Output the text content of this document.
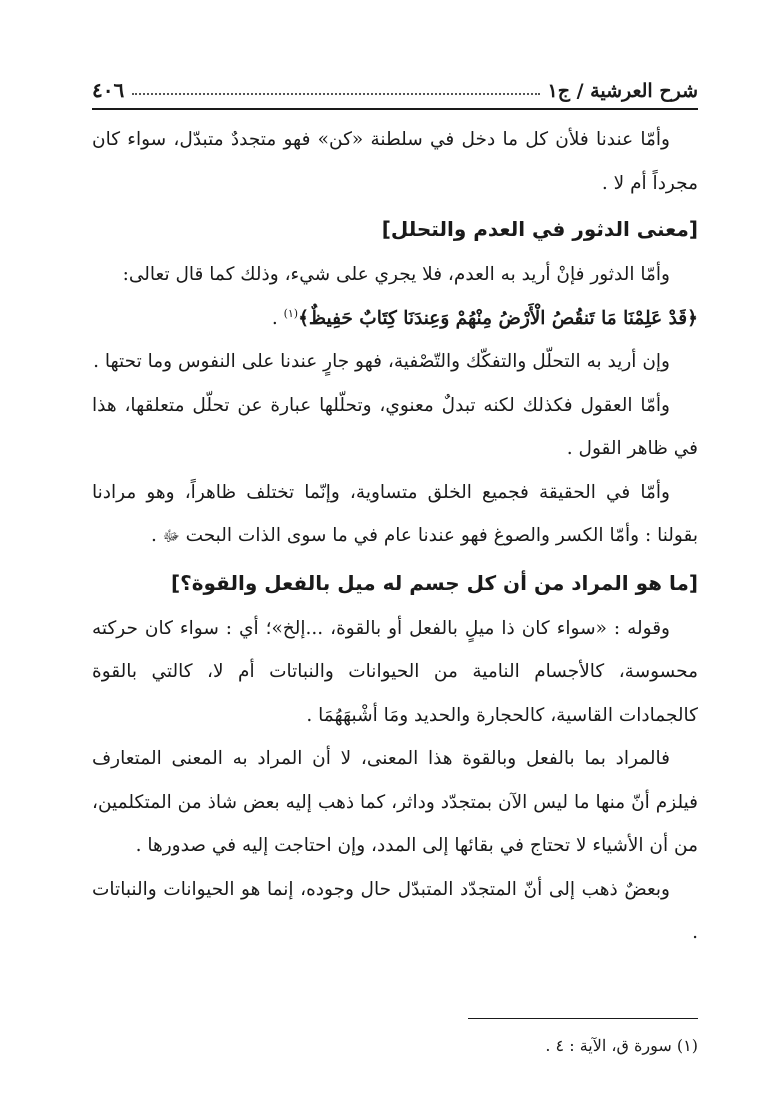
شرح العرشية / ج١
٤٠٦

وأمّا عندنا فلأن كل ما دخل في سلطنة «كن» فهو متجددٌ متبدّل، سواء كان مجرداً أم لا .

[معنى الدثور في العدم والتحلل]

وأمّا الدثور فإنْ أريد به العدم، فلا يجري على شيء، وذلك كما قال تعالى:

﴿قَدْ عَلِمْنَا مَا تَنقُصُ الْأَرْضُ مِنْهُمْ وَعِندَنَا كِتَابٌ حَفِيظٌ﴾$^{(١)}$ .

وإن أريد به التحلّل والتفكّك والتّصْفية، فهو جارٍ عندنا على النفوس وما تحتها .

وأمّا العقول فكذلك لكنه تبدلٌ معنوي، وتحلّلها عبارة عن تحلّل متعلقها، هذا في ظاهر القول .

وأمّا في الحقيقة فجميع الخلق متساوية، وإنّما تختلف ظاهراً، وهو مرادنا بقولنا : وأمّا الكسر والصوغ فهو عندنا عام في ما سوى الذات البحت ﷻ .

[ما هو المراد من أن كل جسم له ميل بالفعل والقوة؟]

وقوله : «سواء كان ذا ميلٍ بالفعل أو بالقوة، ...إلخ»؛ أي : سواء كان حركته محسوسة، كالأجسام النامية من الحيوانات والنباتات أم لا، كالتي بالقوة كالجمادات القاسية، كالحجارة والحديد ومَا أشْبهَهُمَا .

فالمراد بما بالفعل وبالقوة هذا المعنى، لا أن المراد به المعنى المتعارف فيلزم أنّ منها ما ليس الآن بمتجدّد وداثر، كما ذهب إليه بعض شاذ من المتكلمين، من أن الأشياء لا تحتاج في بقائها إلى المدد، وإن احتاجت إليه في صدورها .

وبعضٌ ذهب إلى أنّ المتجدّد المتبدّل حال وجوده، إنما هو الحيوانات والنباتات .

(١) سورة ق، الآية : ٤ .
